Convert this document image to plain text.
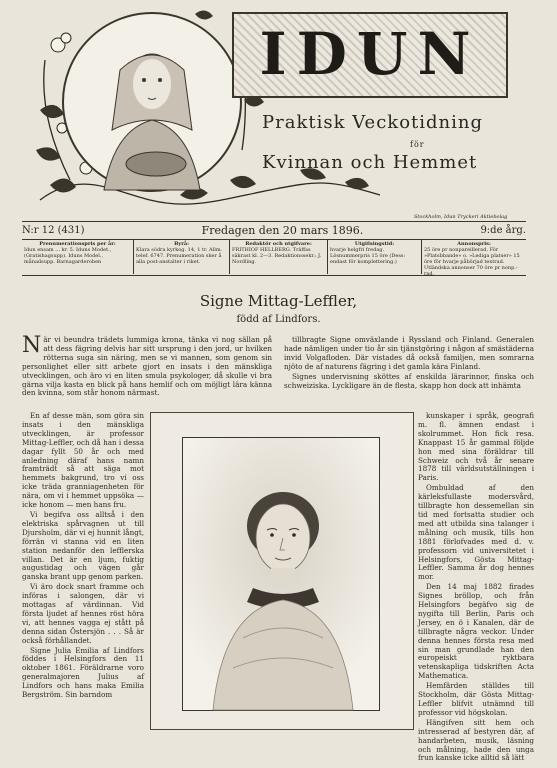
IDUN
Praktisk Veckotidning
för
Kvinnan och Hemmet
Stockholm, Idun Tryckeri Aktiebolag
N:r 12 (431)	Fredagen den 20 mars 1896.	9:de årg.
Prenumerationspris per år:
Idun ensam ... kr. 5. Iduns Modet., (Gratishagsupp). Iduns Model., månadsupp. Barnagarderoben
Byrå:
Klara södra kyrkog. 14, 1 tr. Allm. telef. 6747. Prenumeration sker å alla post-anstalter i riket.
Redaktör och utgifvare:
FRITHIOF HELLBERG. Träffas säkrast kl. 2—3. Redaktionssekr.: J. Nordling.
Utgifningstid:
hvarje helgfri fredag. Lösnummerpris 15 öre (Dess: endast för komplettering.)
Annonspris:
25 öre pr nonpareillerad. För »Platsbbande» o. »Lediga platser» 15 öre för hvarje påbörjad textrad. Utländska annonser 70 öre pr nonp.-rad.
Signe Mittag-Leffler,
född af Lindfors.
N är vi beundra trädets lummiga krona, tänka vi nog sällan på att dess fägring delvis har sitt ursprung i den jord, ur hvilken rötterna suga sin näring, men se vi mannen, som genom sin personlighet eller sitt arbete gjort en insats i den mänskliga utvecklingen, och äro vi en liten smula psykologer, då skulle vi bra gärna vilja kasta en blick på hans hemlif och om möjligt lära känna den kvinna, som står honom närmast.

En af desse män, som göra sin insats i den mänskliga utvecklingen, är professor Mittag-Leffler, och då han i dessa dagar fyllt 50 år och med anledning däraf hans namn framträdt så att säga mot hemmets bakgrund, tro vi oss icke träda granniagenheten för nära, om vi i hemmet uppsöka — icke honom — men hans fru.

Vi begifva oss alltså i den elektriska spårvagnen ut till Djursholm, där vi ej hunnit långt, förrän vi stanna vid en liten station nedanför den lefflerska villan. Det är en ljum, fuktig augustidag och vägen går ganska brant upp genom parken.

Vi äro dock snart framme och införas i salongen, där vi mottagas af värdinnan. Vid första ljudet af hennes röst höra vi, att hennes vagga ej stått på denna sidan Östersjön . . . Så är också förhållandet.

Signe Julia Emilia af Lindfors föddes i Helsingfors den 11 oktober 1861. Föräldrarne voro generalmajoren Julius af Lindfors och hans maka Emilia Bergström. Sin barndom

tillbragte Signe omväxlande i Ryssland och Finland. Generalen hade nämligen under tio år sin tjänstgöring i någon af smästäderna invid Volgafloden. Där vistades då också familjen, men somrarna njöto de af naturens fägring i det gamla kära Finland.

Signes undervisning sköttes af enskilda lärarinnor, finska och schweiziska. Lyckligare än de flesta, skapp hon dock att inhämta

kunskaper i språk, geografi m. fl. ämnen endast i skolrummet. Hon fick resa. Knappast 15 år gammal följde hon med sina föräldrar till Schweiz och två år senare 1878 till världsutställningen i Paris.

Ombuldad af den kärleksfullaste modersvård, tillbragte hon dessemellan sin tid med fortsatta studier och med att utbilda sina talanger i målning och musik, tills hon 1881 förlofvades med d. v. professorn vid universitetet i Helsingfors, Gösta Mittag-Leffler. Samma år dog hennes mor.

Den 14 maj 1882 firades Signes bröllop, och från Helsingfors begäfvo sig de nygifta till Berlin, Paris och Jersey, en ö i Kanalen, där de tillbragte några veckor. Under denna hennes första resa med sin man grundlade han den europeiskt ryktbara vetenskapliga tidskriften Acta Mathematica.

Hemfärden ställdes till Stockholm, där Gösta Mittag-Leffler blifvit utnämnd till professor vid högskolan.

Hängifven sitt hem och intresserad af bestyren där, af handarbeten, musik, läsning och målning, hade den unga frun kanske icke alltid så lätt
